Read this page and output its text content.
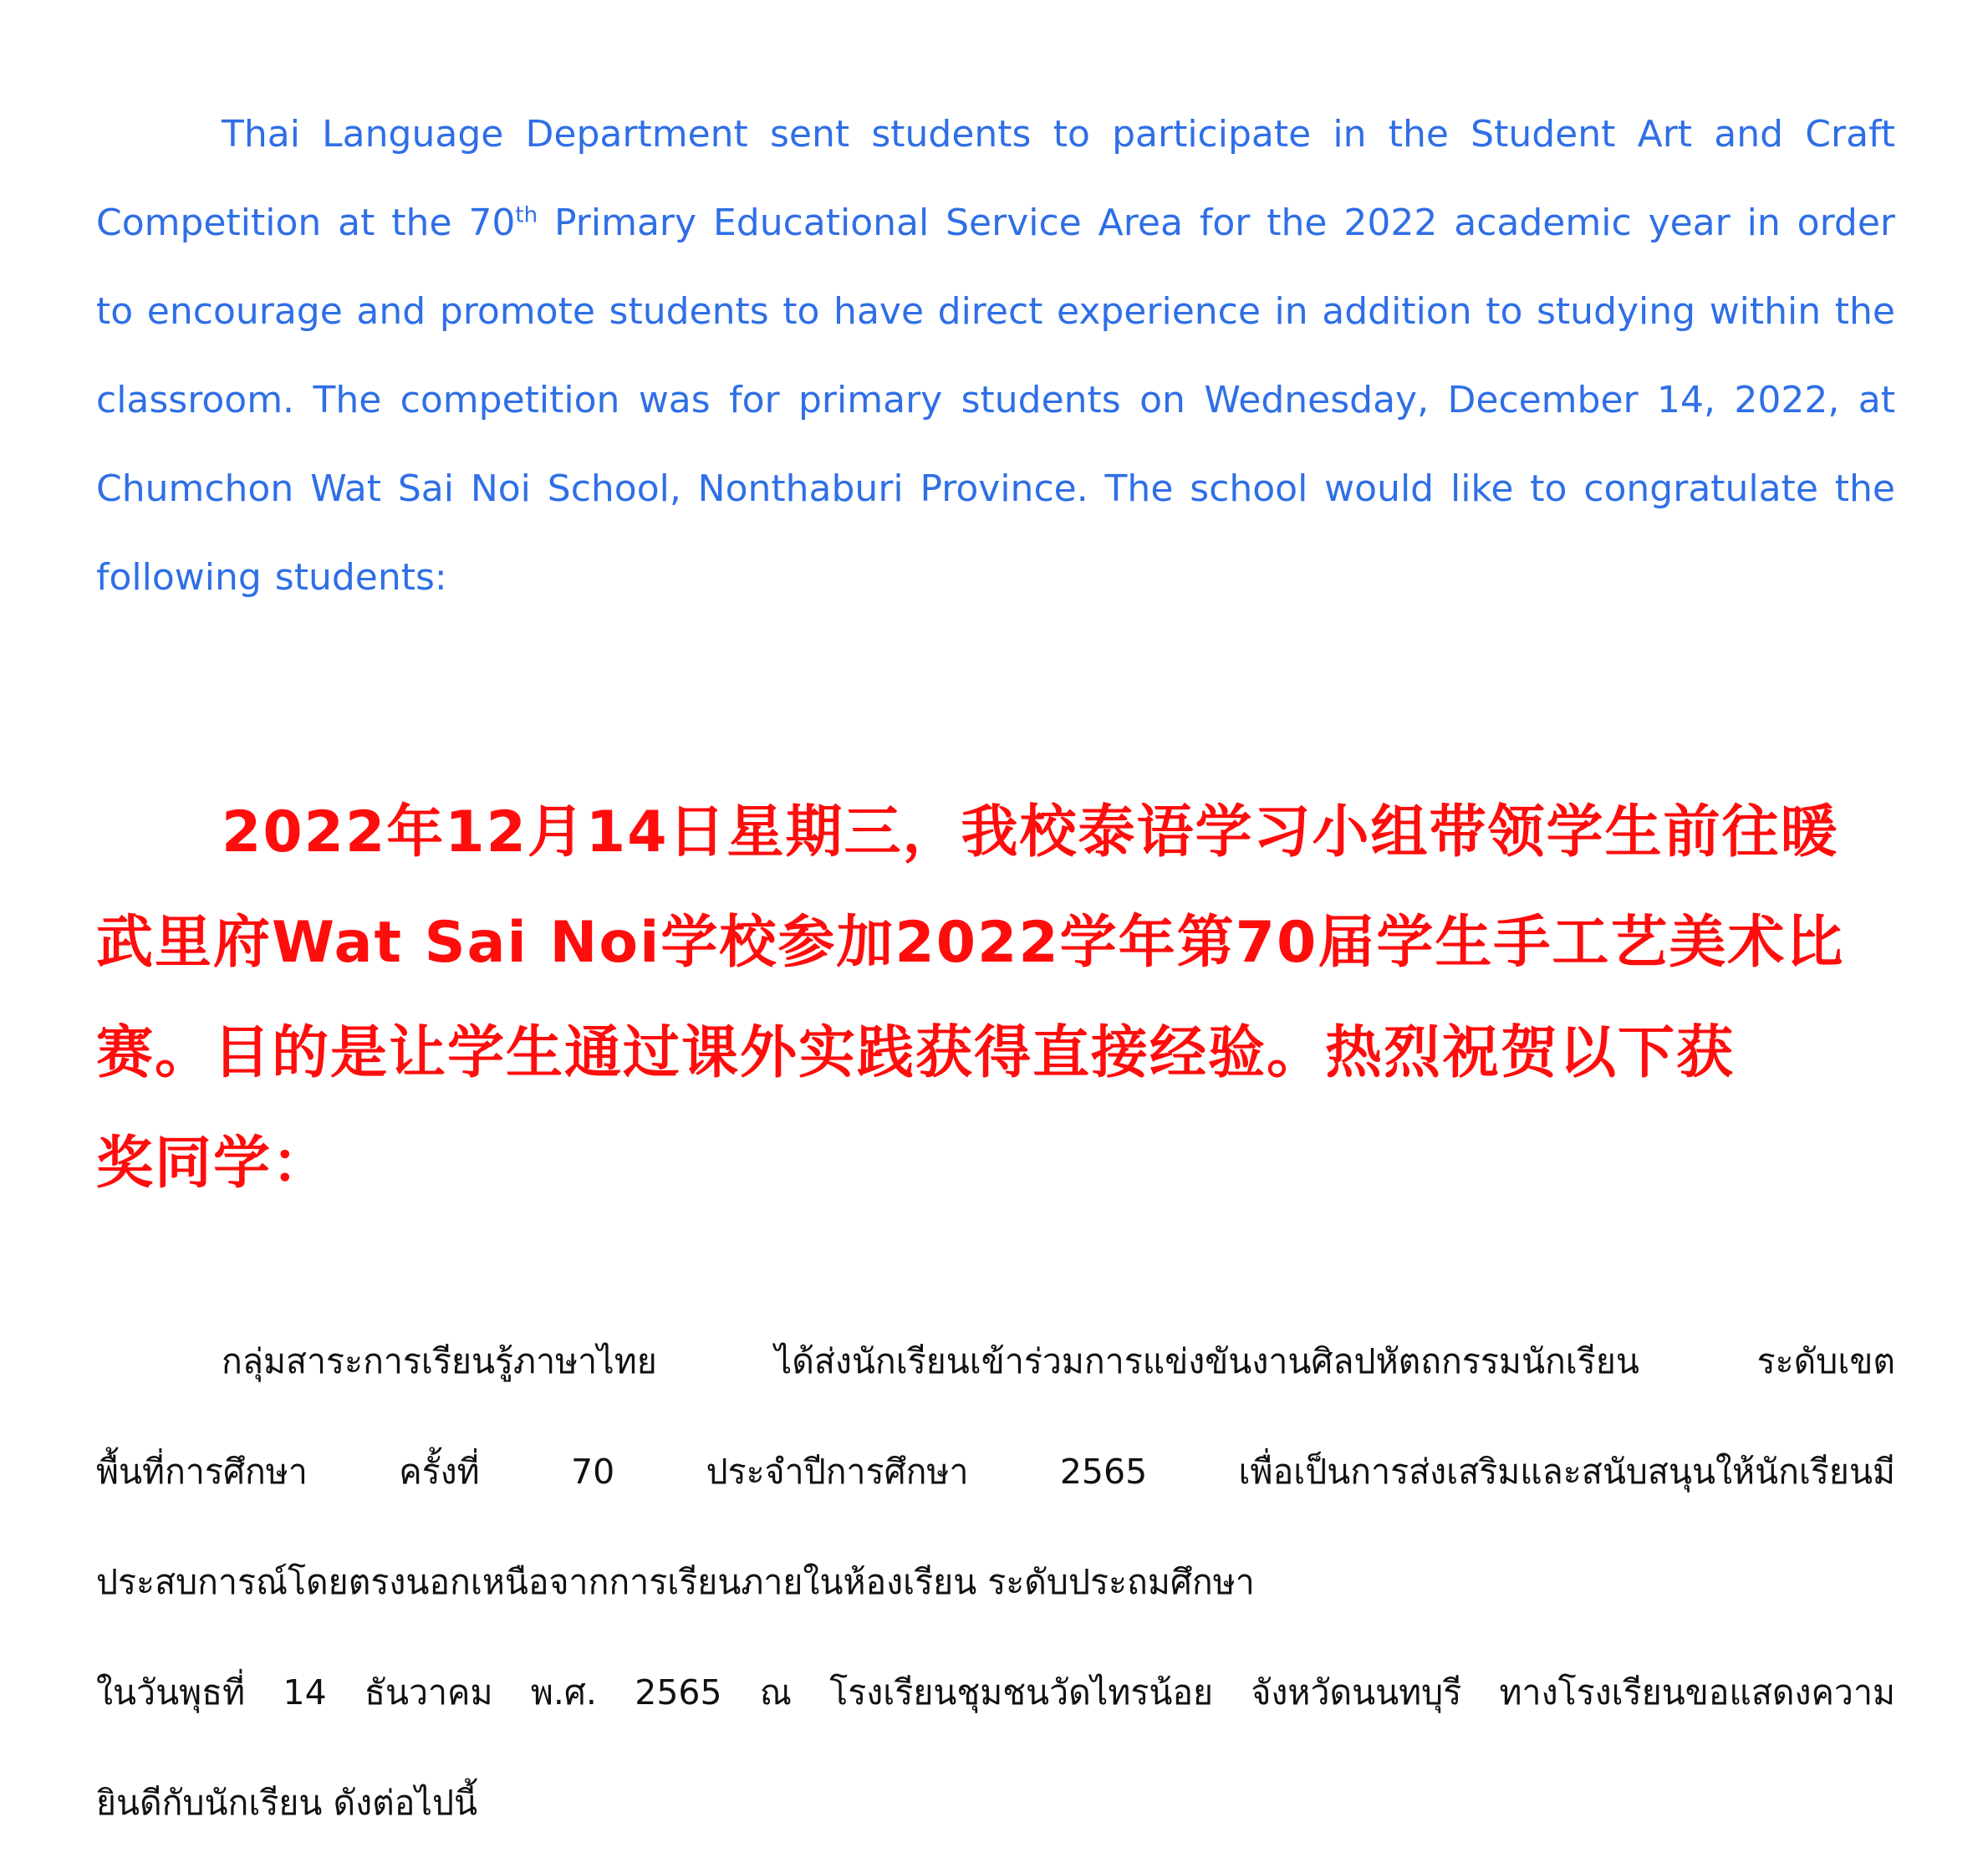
Thai Language Department sent students to participate in the Student Art and Craft Competition at the 70th Primary Educational Service Area for the 2022 academic year in order to encourage and promote students to have direct experience in addition to studying within the classroom. The competition was for primary students on Wednesday, December 14, 2022, at Chumchon Wat Sai Noi School, Nonthaburi Province. The school would like to congratulate the following students:

2022年12月14日星期三，我校泰语学习小组带领学生前往暖
武里府Wat Sai Noi学校参加2022学年第70届学生手工艺美术比
赛。目的是让学生通过课外实践获得直接经验。热烈祝贺以下获
奖同学：
กลุ่มสาระการเรียนรู้ภาษาไทย ได้ส่งนักเรียนเข้าร่วมการแข่งขันงานศิลปหัตถกรรมนักเรียน ระดับเขต
พื้นที่การศึกษา ครั้งที่ 70 ประจำปีการศึกษา 2565 เพื่อเป็นการส่งเสริมและสนับสนุนให้นักเรียนมี
ประสบการณ์โดยตรงนอกเหนือจากการเรียนภายในห้องเรียน ระดับประถมศึกษา
ในวันพุธที่ 14 ธันวาคม พ.ศ. 2565 ณ โรงเรียนชุมชนวัดไทรน้อย จังหวัดนนทบุรี ทางโรงเรียนขอแสดงความ
ยินดีกับนักเรียน ดังต่อไปนี้
